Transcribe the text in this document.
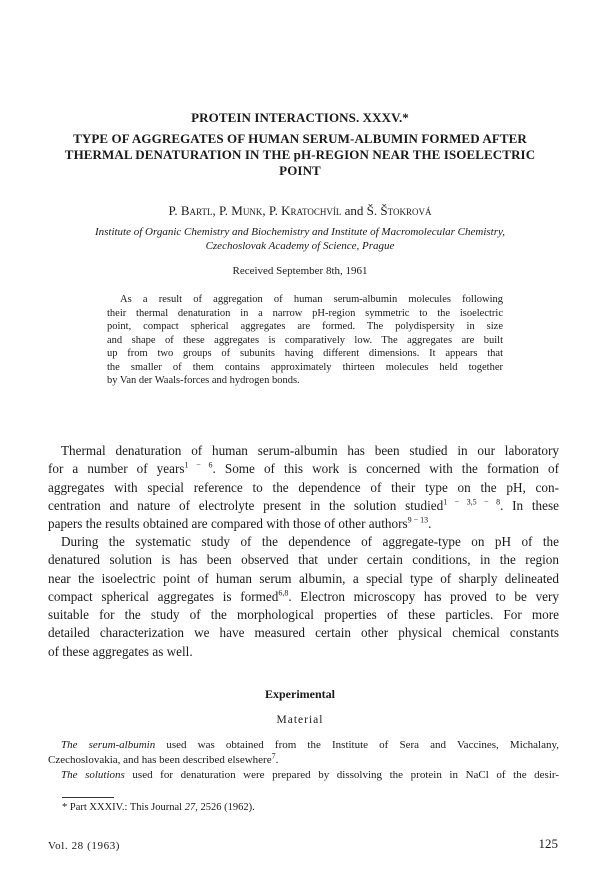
PROTEIN INTERACTIONS. XXXV.*
TYPE OF AGGREGATES OF HUMAN SERUM-ALBUMIN FORMED AFTER
THERMAL DENATURATION IN THE pH-REGION NEAR THE ISOELECTRIC
POINT
P. Bartl, P. Munk, P. Kratochvíl and Š. Štokrová
Institute of Organic Chemistry and Biochemistry and Institute of Macromolecular Chemistry,
Czechoslovak Academy of Science, Prague
Received September 8th, 1961
As a result of aggregation of human serum-albumin molecules following
their thermal denaturation in a narrow pH-region symmetric to the isoelectric
point, compact spherical aggregates are formed. The polydispersity in size
and shape of these aggregates is comparatively low. The aggregates are built
up from two groups of subunits having different dimensions. It appears that
the smaller of them contains approximately thirteen molecules held together
by Van der Waals-forces and hydrogen bonds.
Thermal denaturation of human serum-albumin has been studied in our laboratory
for a number of years$^{1 - 6}$. Some of this work is concerned with the formation of
aggregates with special reference to the dependence of their type on the pH, con-
centration and nature of electrolyte present in the solution studied$^{1 - 3,5 - 8}$. In these
papers the results obtained are compared with those of other authors$^{9 - 13}$.
During the systematic study of the dependence of aggregate-type on pH of the
denatured solution is has been observed that under certain conditions, in the region
near the isoelectric point of human serum albumin, a special type of sharply delineated
compact spherical aggregates is formed$^{6,8}$. Electron microscopy has proved to be very
suitable for the study of the morphological properties of these particles. For more
detailed characterization we have measured certain other physical chemical constants
of these aggregates as well.
Experimental
Material
The serum-albumin used was obtained from the Institute of Sera and Vaccines, Michalany,
Czechoslovakia, and has been described elsewhere$^7$.
The solutions used for denaturation were prepared by dissolving the protein in NaCl of the desir-
* Part XXXIV.: This Journal 27, 2526 (1962).
Vol. 28 (1963)	125
